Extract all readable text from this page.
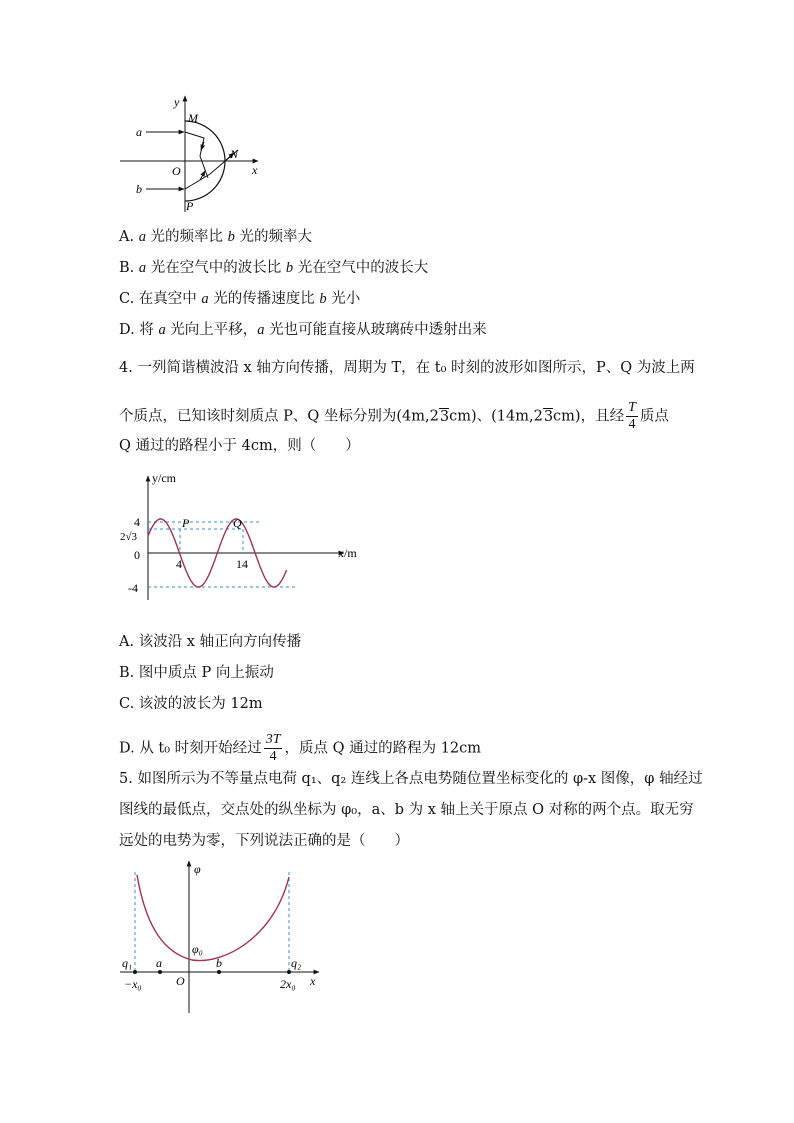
y
M
a
N
O	x
b
P
A. a 光的频率比 b 光的频率大
B. a 光在空气中的波长比 b 光在空气中的波长大
C. 在真空中 a 光的传播速度比 b 光小
D. 将 a 光向上平移，a 光也可能直接从玻璃砖中透射出来
4. 一列简谐横波沿 x 轴方向传播，周期为 T，在 t₀ 时刻的波形如图所示，P、Q 为波上两
个质点，已知该时刻质点 P、Q 坐标分别为(4m,23cm)、(14m,23cm)，且经 $\frac{T}{4}$ 质点
Q 通过的路程小于 4cm，则（　　）
y/cm
x/m
4
2√3
0
-4
4	14
P	Q
A. 该波沿 x 轴正向方向传播
B. 图中质点 P 向上振动
C. 该波的波长为 12m
D. 从 t₀ 时刻开始经过 $\frac{3T}{4}$ ，质点 Q 通过的路程为 12cm
5. 如图所示为不等量点电荷 q₁、q₂ 连线上各点电势随位置坐标变化的 φ-x 图像，φ 轴经过
图线的最低点，交点处的纵坐标为 φ₀，a、b 为 x 轴上关于原点 O 对称的两个点。取无穷
远处的电势为零，下列说法正确的是（　　）
φ
φ₀
q₁ a	b	q₂
−x₀	O	2x₀ x
